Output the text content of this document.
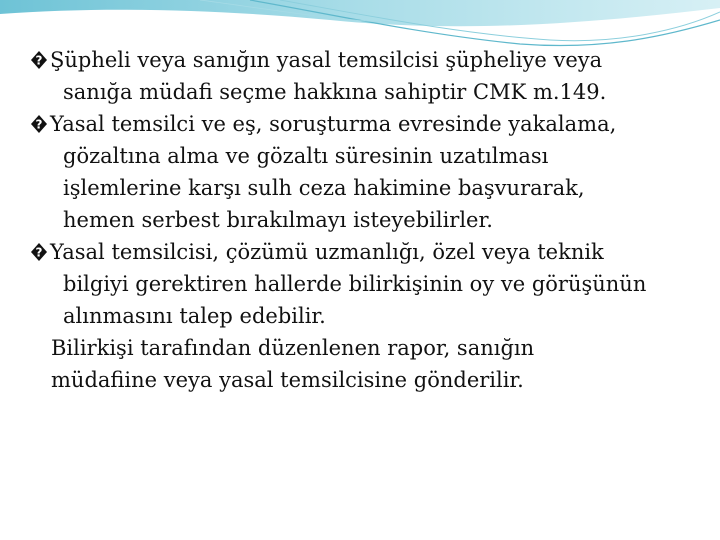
? Şüpheli veya sanığın yasal temsilcisi şüpheliye veya
sanığa müdafi seçme hakkına sahiptir CMK m.149.
? Yasal temsilci ve eş, soruşturma evresinde yakalama,
gözaltına alma ve gözaltı süresinin uzatılması
işlemlerine karşı sulh ceza hakimine başvurarak,
hemen serbest bırakılmayı isteyebilirler.
? Yasal temsilcisi, çözümü uzmanlığı, özel veya teknik
bilgiyi gerektiren hallerde bilirkişinin oy ve görüşünün
alınmasını talep edebilir.
Bilirkişi tarafından düzenlenen rapor, sanığın
müdafiine veya yasal temsilcisine gönderilir.
